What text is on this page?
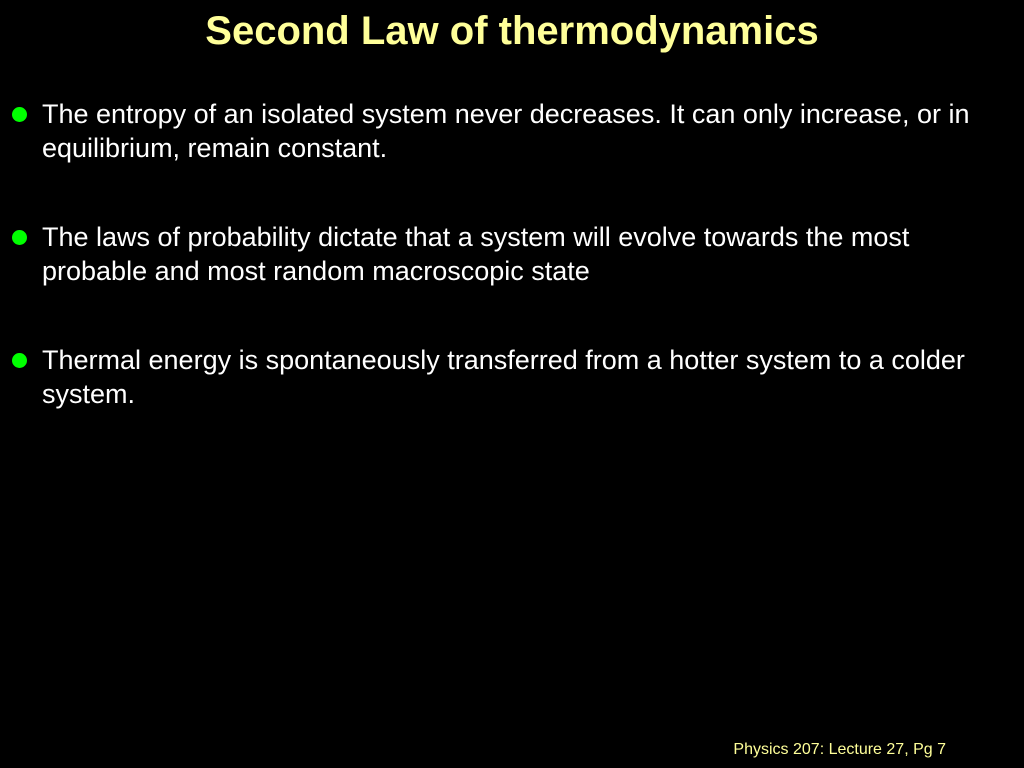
Second Law of thermodynamics
The entropy of an isolated system never decreases. It can only increase, or in equilibrium, remain constant.
The laws of probability dictate that a system will evolve towards the most probable and most random macroscopic state
Thermal energy is spontaneously transferred from a hotter system to a colder system.
Physics 207: Lecture 27, Pg 7
